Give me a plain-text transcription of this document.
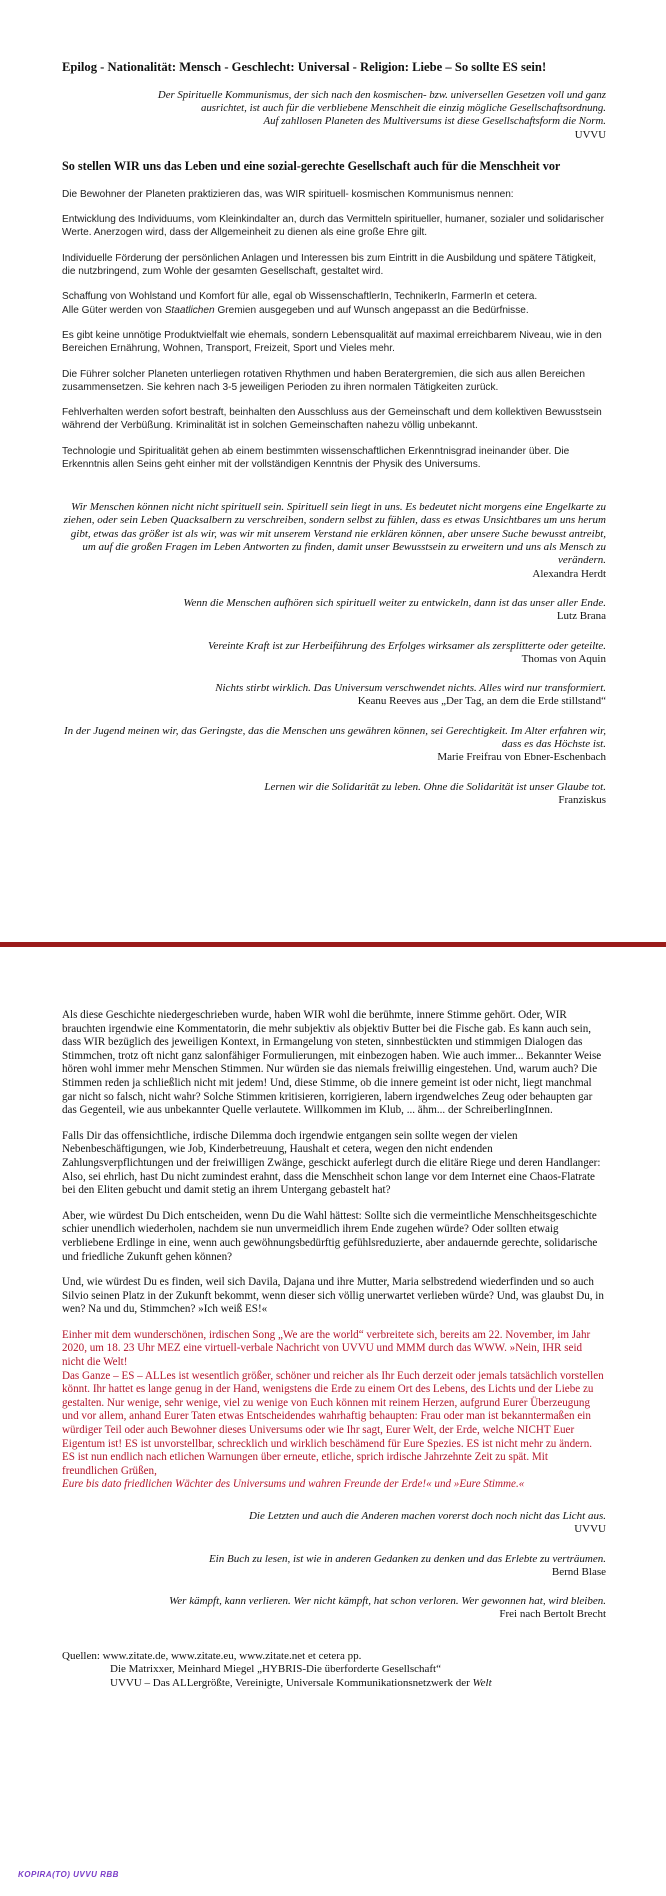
Epilog - Nationalität: Mensch - Geschlecht: Universal - Religion: Liebe – So sollte ES sein!
Der Spirituelle Kommunismus, der sich nach den kosmischen- bzw. universellen Gesetzen voll und ganz
ausrichtet, ist auch für die verbliebene Menschheit die einzig mögliche Gesellschaftsordnung.
Auf zahllosen Planeten des Multiversums ist diese Gesellschaftsform die Norm.
UVVU
So stellen WIR uns das Leben und eine sozial-gerechte Gesellschaft auch für die Menschheit vor

Die Bewohner der Planeten praktizieren das, was WIR spirituell- kosmischen Kommunismus nennen:

Entwicklung des Individuums, vom Kleinkindalter an, durch das Vermitteln spiritueller, humaner, sozialer und solidarischer Werte. Anerzogen wird, dass der Allgemeinheit zu dienen als eine große Ehre gilt.

Individuelle Förderung der persönlichen Anlagen und Interessen bis zum Eintritt in die Ausbildung und spätere Tätigkeit, die nutzbringend, zum Wohle der gesamten Gesellschaft, gestaltet wird.

Schaffung von Wohlstand und Komfort für alle, egal ob WissenschaftlerIn, TechnikerIn, FarmerIn et cetera.
Alle Güter werden von Staatlichen Gremien ausgegeben und auf Wunsch angepasst an die Bedürfnisse.

Es gibt keine unnötige Produktvielfalt wie ehemals, sondern Lebensqualität auf maximal erreichbarem Niveau, wie in den Bereichen Ernährung, Wohnen, Transport, Freizeit, Sport und Vieles mehr.

Die Führer solcher Planeten unterliegen rotativen Rhythmen und haben Beratergremien, die sich aus allen Bereichen zusammensetzen. Sie kehren nach 3-5 jeweiligen Perioden zu ihren normalen Tätigkeiten zurück.

Fehlverhalten werden sofort bestraft, beinhalten den Ausschluss aus der Gemeinschaft und dem kollektiven Bewusstsein während der Verbüßung. Kriminalität ist in solchen Gemeinschaften nahezu völlig unbekannt.

Technologie und Spiritualität gehen ab einem bestimmten wissenschaftlichen Erkenntnisgrad ineinander über. Die Erkenntnis allen Seins geht einher mit der vollständigen Kenntnis der Physik des Universums.

Wir Menschen können nicht nicht spirituell sein. Spirituell sein liegt in uns. Es bedeutet nicht morgens eine Engelkarte zu ziehen, oder sein Leben Quacksalbern zu verschreiben, sondern selbst zu fühlen, dass es etwas Unsichtbares um uns herum gibt, etwas das größer ist als wir, was wir mit unserem Verstand nie erklären können, aber unsere Suche bewusst antreibt, um auf die großen Fragen im Leben Antworten zu finden, damit unser Bewusstsein zu erweitern und uns als Mensch zu verändern.
Alexandra Herdt
Wenn die Menschen aufhören sich spirituell weiter zu entwickeln, dann ist das unser aller Ende.
Lutz Brana
Vereinte Kraft ist zur Herbeiführung des Erfolges wirksamer als zersplitterte oder geteilte.
Thomas von Aquin
Nichts stirbt wirklich. Das Universum verschwendet nichts. Alles wird nur transformiert.
Keanu Reeves aus „Der Tag, an dem die Erde stillstand“
In der Jugend meinen wir, das Geringste, das die Menschen uns gewähren können, sei Gerechtigkeit. Im Alter erfahren wir, dass es das Höchste ist.
Marie Freifrau von Ebner-Eschenbach
Lernen wir die Solidarität zu leben. Ohne die Solidarität ist unser Glaube tot.
Franziskus

Als diese Geschichte niedergeschrieben wurde, haben WIR wohl die berühmte, innere Stimme gehört. Oder, WIR brauchten irgendwie eine Kommentatorin, die mehr subjektiv als objektiv Butter bei die Fische gab. Es kann auch sein, dass WIR bezüglich des jeweiligen Kontext, in Ermangelung von steten, sinnbestückten und stimmigen Dialogen das Stimmchen, trotz oft nicht ganz salonfähiger Formulierungen, mit einbezogen haben. Wie auch immer... Bekannter Weise hören wohl immer mehr Menschen Stimmen. Nur würden sie das niemals freiwillig eingestehen. Und, warum auch? Die Stimmen reden ja schließlich nicht mit jedem! Und, diese Stimme, ob die innere gemeint ist oder nicht, liegt manchmal gar nicht so falsch, nicht wahr? Solche Stimmen kritisieren, korrigieren, labern irgendwelches Zeug oder behaupten gar das Gegenteil, wie aus unbekannter Quelle verlautete. Willkommen im Klub, ... ähm... der SchreiberlingInnen.

Falls Dir das offensichtliche, irdische Dilemma doch irgendwie entgangen sein sollte wegen der vielen Nebenbeschäftigungen, wie Job, Kinderbetreuung, Haushalt et cetera, wegen den nicht endenden Zahlungsverpflichtungen und der freiwilligen Zwänge, geschickt auferlegt durch die elitäre Riege und deren Handlanger: Also, sei ehrlich, hast Du nicht zumindest erahnt, dass die Menschheit schon lange vor dem Internet eine Chaos-Flatrate bei den Eliten gebucht und damit stetig an ihrem Untergang gebastelt hat?

Aber, wie würdest Du Dich entscheiden, wenn Du die Wahl hättest: Sollte sich die vermeintliche Menschheitsgeschichte schier unendlich wiederholen, nachdem sie nun unvermeidlich ihrem Ende zugehen würde? Oder sollten etwaig verbliebene Erdlinge in eine, wenn auch gewöhnungsbedürftig gefühlsreduzierte, aber andauernde gerechte, solidarische und friedliche Zukunft gehen können?

Und, wie würdest Du es finden, weil sich Davila, Dajana und ihre Mutter, Maria selbstredend wiederfinden und so auch Silvio seinen Platz in der Zukunft bekommt, wenn dieser sich völlig unerwartet verlieben würde? Und, was glaubst Du, in wen? Na und du, Stimmchen? »Ich weiß ES!«

Einher mit dem wunderschönen, irdischen Song „We are the world“ verbreitete sich, bereits am 22. November, im Jahr 2020, um 18. 23 Uhr MEZ eine virtuell-verbale Nachricht von UVVU und MMM durch das WWW. »Nein, IHR seid nicht die Welt!
Das Ganze – ES – ALLes ist wesentlich größer, schöner und reicher als Ihr Euch derzeit oder jemals tatsächlich vorstellen könnt. Ihr hattet es lange genug in der Hand, wenigstens die Erde zu einem Ort des Lebens, des Lichts und der Liebe zu gestalten. Nur wenige, sehr wenige, viel zu wenige von Euch können mit reinem Herzen, aufgrund Eurer Überzeugung und vor allem, anhand Eurer Taten etwas Entscheidendes wahrhaftig behaupten: Frau oder man ist bekanntermaßen ein würdiger Teil oder auch Bewohner dieses Universums oder wie Ihr sagt, Eurer Welt, der Erde, welche NICHT Euer Eigentum ist! ES ist unvorstellbar, schrecklich und wirklich beschämend für Eure Spezies. ES ist nicht mehr zu ändern. ES ist nun endlich nach etlichen Warnungen über erneute, etliche, sprich irdische Jahrzehnte Zeit zu spät. Mit freundlichen Grüßen,
Eure bis dato friedlichen Wächter des Universums und wahren Freunde der Erde!« und »Eure Stimme.«

Die Letzten und auch die Anderen machen vorerst doch noch nicht das Licht aus.
UVVU
Ein Buch zu lesen, ist wie in anderen Gedanken zu denken und das Erlebte zu verträumen.
Bernd Blase
Wer kämpft, kann verlieren. Wer nicht kämpft, hat schon verloren. Wer gewonnen hat, wird bleiben.
Frei nach Bertolt Brecht
Quellen: www.zitate.de, www.zitate.eu, www.zitate.net et cetera pp.
Die Matrixxer, Meinhard Miegel „HYBRIS-Die überforderte Gesellschaft“
UVVU – Das ALLergrößte, Vereinigte, Universale Kommunikationsnetzwerk der Welt
KOPIRA(TO) UVVU RBB
